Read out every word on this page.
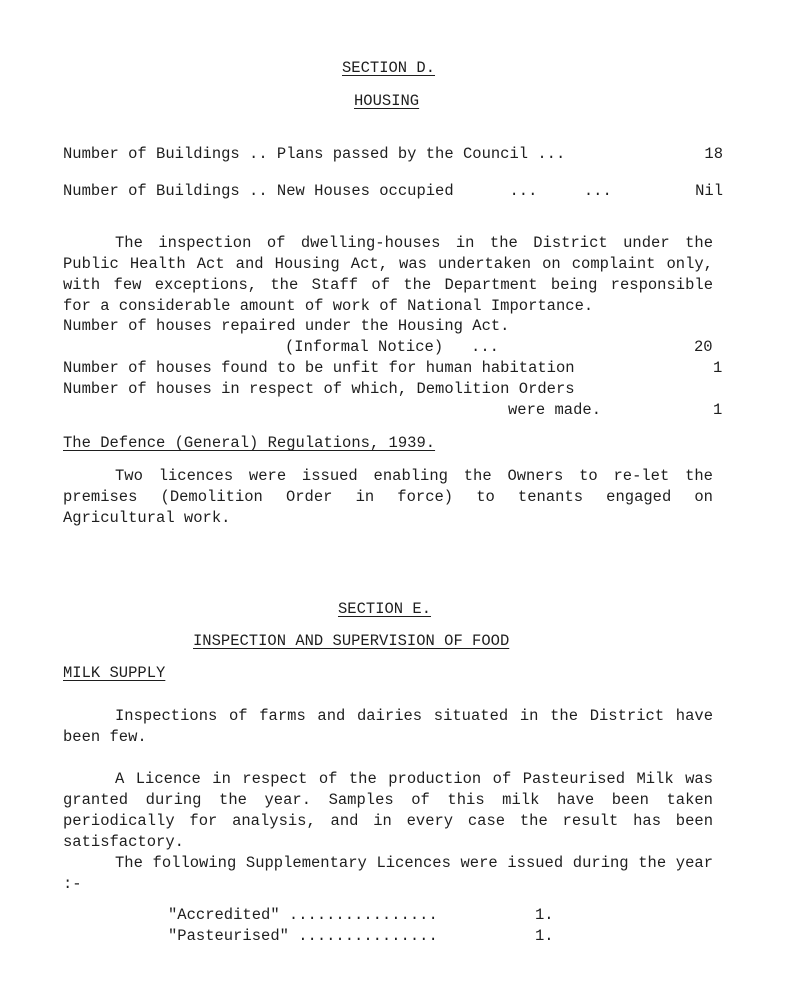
SECTION D.
HOUSING
Number of Buildings .. Plans passed by the Council ...	18
Number of Buildings .. New Houses occupied      ...     ...	Nil
The inspection of dwelling-houses in the District under the Public Health Act and Housing Act, was undertaken on complaint only, with few exceptions, the Staff of the Department being responsible for a considerable amount of work of National Importance.
Number of houses repaired under the Housing Act.
(Informal Notice)   ...	20
Number of houses found to be unfit for human habitation	1
Number of houses in respect of which, Demolition Orders
were made.	1
The Defence (General) Regulations, 1939.
Two licences were issued enabling the Owners to re-let the premises (Demolition Order in force) to tenants engaged on Agricultural work.
SECTION E.
INSPECTION AND SUPERVISION OF FOOD
MILK SUPPLY
Inspections of farms and dairies situated in the District have been few.
A Licence in respect of the production of Pasteurised Milk was granted during the year. Samples of this milk have been taken periodically for analysis, and in every case the result has been satisfactory.
The following Supplementary Licences were issued during the year :-
"Accredited" ................	1.
"Pasteurised" ...............	1.
